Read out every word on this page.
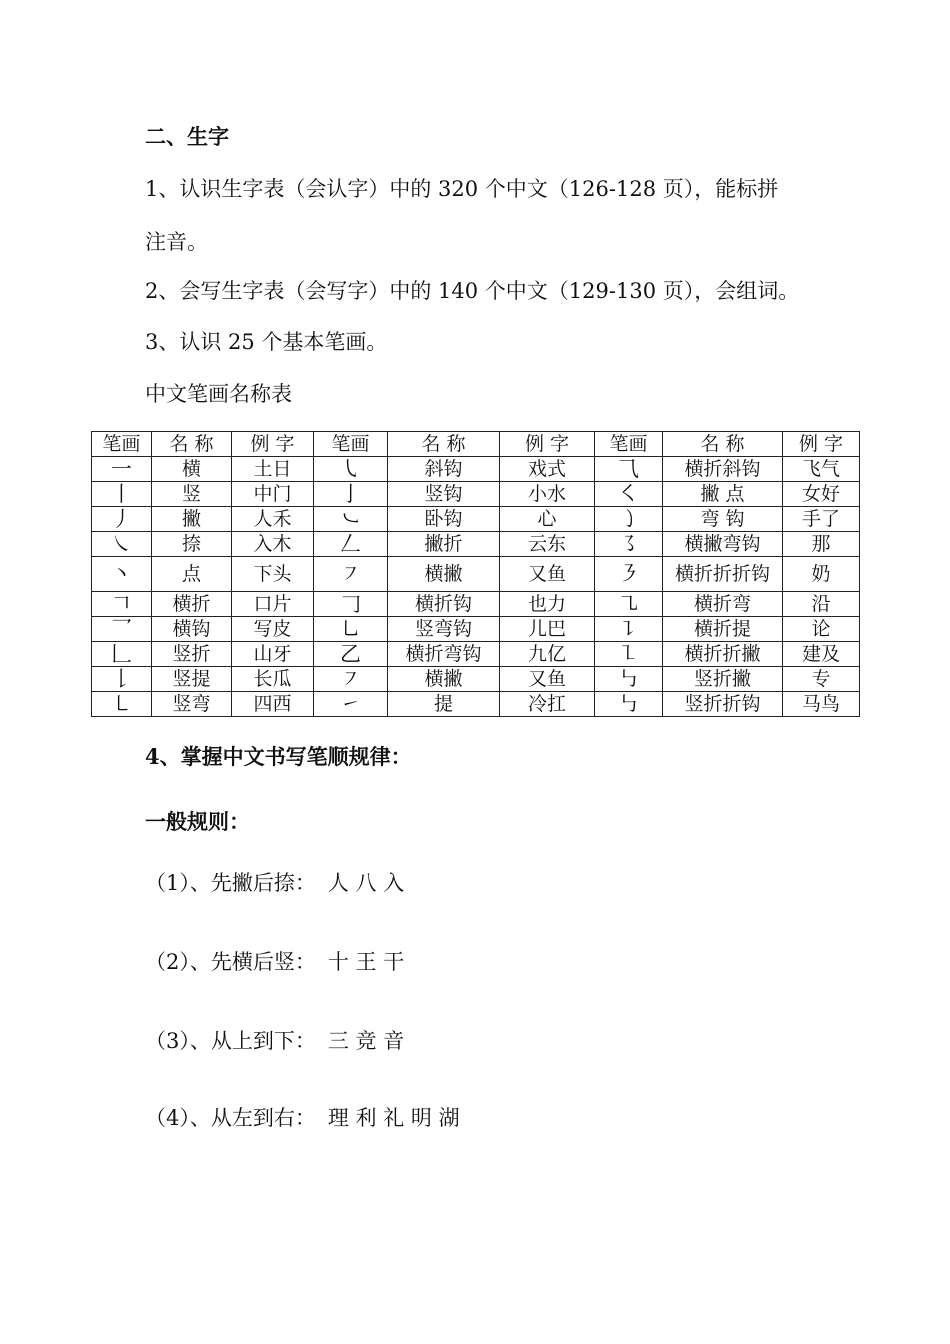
二、生字
1、认识生字表（会认字）中的 320 个中文（126-128 页），能标拼
注音。
2、会写生字表（会写字）中的 140 个中文（129-130 页），会组词。
3、认识 25 个基本笔画。
中文笔画名称表
笔画	名 称	例 字	笔画	名 称	例 字	笔画	名 称	例 字
一	横	土日	㇂	斜钩	戏式	⺄	横折斜钩	飞气
丨	竖	中门	亅	竖钩	小水	㇛	撇 点	女好
丿	撇	人禾	㇃	卧钩	心	㇁	弯 钩	手了
㇏	捺	入木	𠃋	撇折	云东	㇌	横撇弯钩	那
丶	点	下头	㇇	横撇	又鱼	㇋	横折折折钩	奶
𠃍	横折	口片	𠃌	横折钩	也力	㇈	横折弯	沿
乛	横钩	写皮	㇟	竖弯钩	儿巴	㇊	横折提	论
𠃊	竖折	山牙	乙	横折弯钩	九亿	㇅	横折折撇	建及
𠄌	竖提	长瓜	㇇	横撇	又鱼	㇉	竖折撇	专
㇄	竖弯	四西	㇀	提	冷扛	㇉	竖折折钩	马鸟
4、掌握中文书写笔顺规律：
一般规则：
（1）、先撇后捺： 人 八 入
（2）、先横后竖： 十 王 干
（3）、从上到下： 三 竞 音
（4）、从左到右： 理 利 礼 明 湖
